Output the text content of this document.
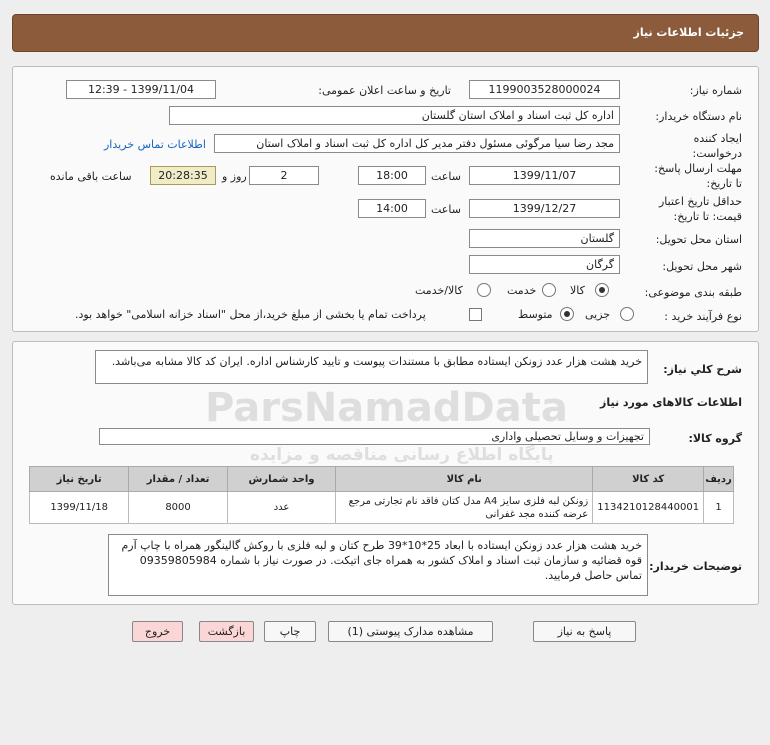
جزئیات اطلاعات نیاز
شماره نیاز:
1199003528000024
تاریخ و ساعت اعلان عمومی:
1399/11/04 - 12:39
نام دستگاه خریدار:
اداره کل ثبت اسناد و املاک استان گلستان
ایجاد کننده درخواست:
مجد رضا سیا مرگوئی مسئول دفتر مدیر کل اداره کل ثبت اسناد و املاک استان
اطلاعات تماس خریدار
مهلت ارسال پاسخ: تا تاریخ:
1399/11/07
ساعت
18:00
2
روز و
20:28:35
ساعت باقی مانده
حداقل تاریخ اعتبار قیمت: تا تاریخ:
1399/12/27
ساعت
14:00
استان محل تحویل:
گلستان
شهر محل تحویل:
گرگان
طبقه بندی موضوعی:
کالا
خدمت
کالا/خدمت
نوع فرآیند خرید :
جزیی
متوسط
پرداخت تمام یا بخشی از مبلغ خرید،از محل "اسناد خزانه اسلامی" خواهد بود.
شرح کلي نياز:
خرید هشت هزار عدد زونکن ایستاده مطابق با مستندات پیوست و تایید کارشناس اداره. ایران کد کالا مشابه می‌باشد.
اطلاعات کالاهای مورد نیاز
گروه کالا:
تجهیزات و وسایل تحصیلی واداری
ردیف	کد کالا	نام کالا	واحد شمارش	تعداد / مقدار	تاریخ نیاز
1	1134210128440001	زونکن لبه فلزی سایز A4 مدل کتان فاقد نام تجارتی مرجع عرضه کننده مجد غفرانی	عدد	8000	1399/11/18
توضیحات خریدار:
خرید هشت هزار عدد زونکن ایستاده با ابعاد 25*10*39 طرح کتان و لبه فلزی با روکش گالینگور همراه با چاپ آرم قوه قضائیه و سازمان ثبت اسناد و املاک کشور به همراه جای اتیکت. در صورت نیاز با شماره 09359805984 تماس حاصل فرمایید.
ParsNamadData
پایگاه اطلاع رسانی مناقصه و مزایده
پاسخ به نیاز
مشاهده مدارک پیوستی (1)
چاپ
بازگشت
خروج
